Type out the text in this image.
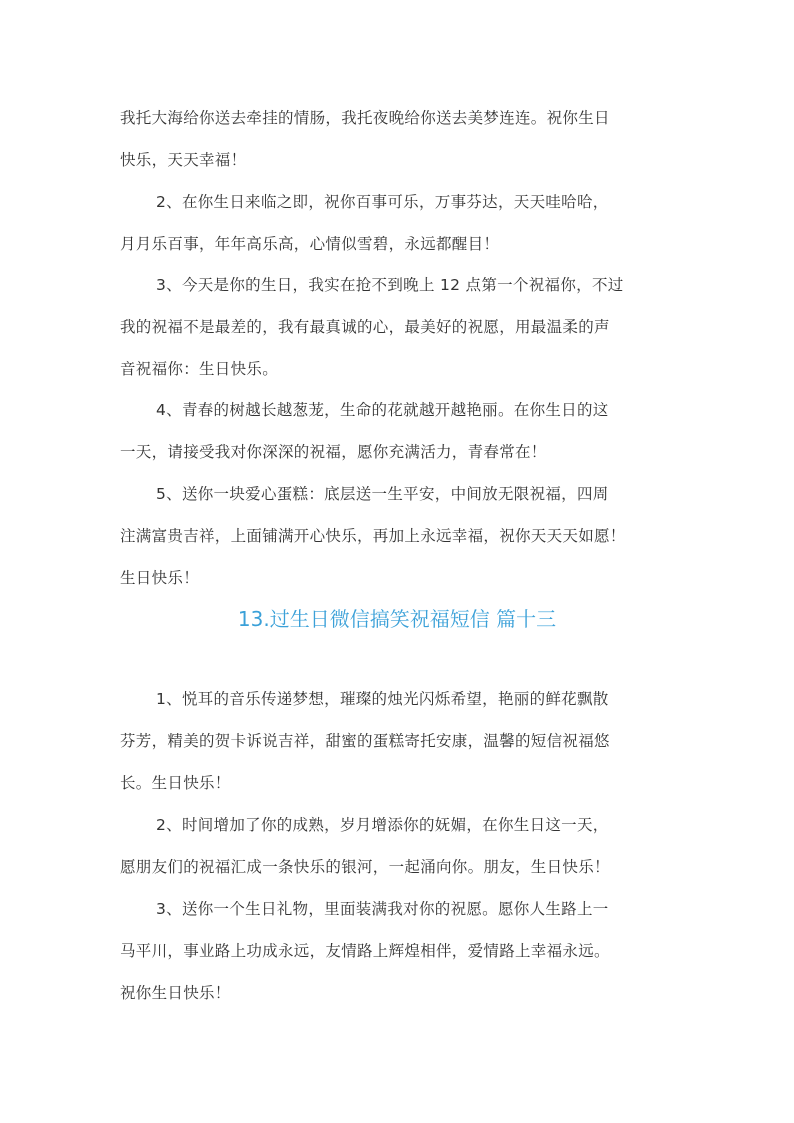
我托大海给你送去牵挂的情肠，我托夜晚给你送去美梦连连。祝你生日
快乐，天天幸福！
2、在你生日来临之即，祝你百事可乐，万事芬达，天天哇哈哈，
月月乐百事，年年高乐高，心情似雪碧，永远都醒目！
3、今天是你的生日，我实在抢不到晚上 12 点第一个祝福你，不过
我的祝福不是最差的，我有最真诚的心，最美好的祝愿，用最温柔的声
音祝福你：生日快乐。
4、青春的树越长越葱茏，生命的花就越开越艳丽。在你生日的这
一天，请接受我对你深深的祝福，愿你充满活力，青春常在！
5、送你一块爱心蛋糕：底层送一生平安，中间放无限祝福，四周
注满富贵吉祥，上面铺满开心快乐，再加上永远幸福，祝你天天天如愿！
生日快乐！
13.过生日微信搞笑祝福短信 篇十三
1、悦耳的音乐传递梦想，璀璨的烛光闪烁希望，艳丽的鲜花飘散
芬芳，精美的贺卡诉说吉祥，甜蜜的蛋糕寄托安康，温馨的短信祝福悠
长。生日快乐！
2、时间增加了你的成熟，岁月增添你的妩媚，在你生日这一天，
愿朋友们的祝福汇成一条快乐的银河，一起涌向你。朋友，生日快乐！
3、送你一个生日礼物，里面装满我对你的祝愿。愿你人生路上一
马平川，事业路上功成永远，友情路上辉煌相伴，爱情路上幸福永远。
祝你生日快乐！
